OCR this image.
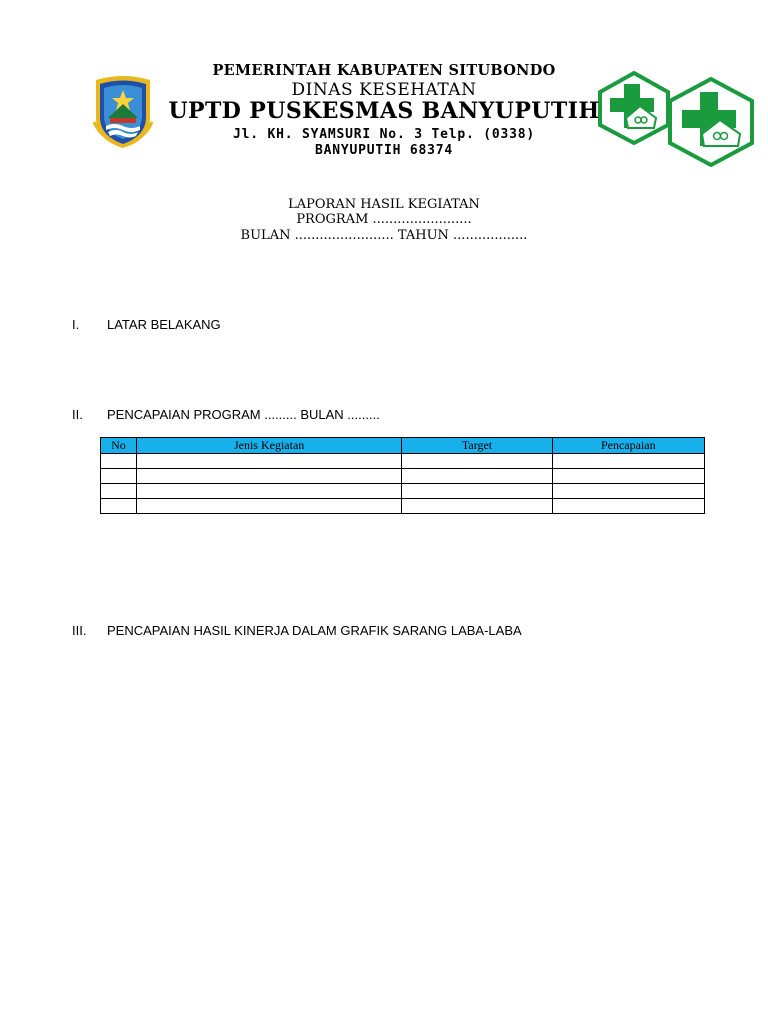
PEMERINTAH KABUPATEN SITUBONDO
DINAS KESEHATAN
UPTD PUSKESMAS BANYUPUTIH
Jl. KH. SYAMSURI No. 3 Telp. (0338)
BANYUPUTIH 68374
LAPORAN HASIL KEGIATAN
PROGRAM ........................
BULAN ........................ TAHUN ..................
I. LATAR BELAKANG
II. PENCAPAIAN PROGRAM ......... BULAN .........
No	Jenis Kegiatan	Target	Pencapaian

III. PENCAPAIAN HASIL KINERJA DALAM GRAFIK SARANG LABA-LABA
